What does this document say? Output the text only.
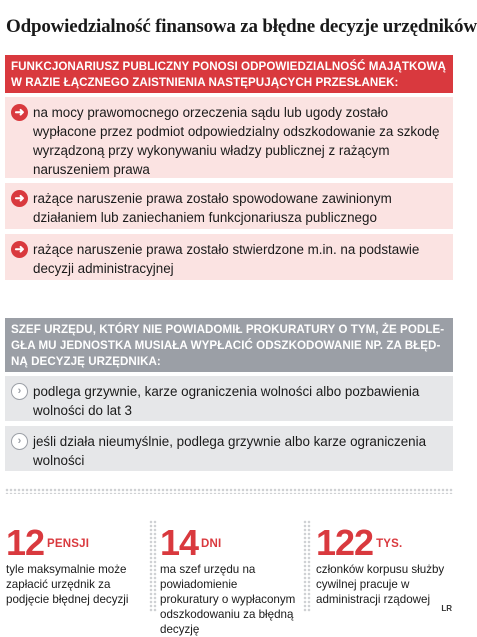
Odpowiedzialność finansowa za błędne decyzje urzędników
FUNKCJONARIUSZ PUBLICZNY PONOSI ODPOWIEDZIALNOŚĆ MAJĄTKOWĄ
W RAZIE ŁĄCZNEGO ZAISTNIENIA NASTĘPUJĄCYCH PRZESŁANEK:
➜ na mocy prawomocnego orzeczenia sądu lub ugody zostało wypłacone przez podmiot odpowiedzialny odszkodowanie za szkodę wyrządzoną przy wykonywaniu władzy publicznej z rażącym naruszeniem prawa
➜ rażące naruszenie prawa zostało spowodowane zawinionym działaniem lub zaniechaniem funkcjonariusza publicznego
➜ rażące naruszenie prawa zostało stwierdzone m.in. na podstawie decyzji administracyjnej
SZEF URZĘDU, KTÓRY NIE POWIADOMIŁ PROKURATURY O TYM, ŻE PODLE-
GŁA MU JEDNOSTKA MUSIAŁA WYPŁACIĆ ODSZKODOWANIE NP. ZA BŁĘD-
NĄ DECYZJĘ URZĘDNIKA:
› podlega grzywnie, karze ograniczenia wolności albo pozbawienia wolności do lat 3
› jeśli działa nieumyślnie, podlega grzywnie albo karze ograniczenia wolności
12 PENSJI
tyle maksymalnie może zapłacić urzędnik za podjęcie błędnej decyzji
14 DNI
ma szef urzędu na powiadomienie prokuratury o wypłaconym odszkodowaniu za błędną decyzję
122 TYS.
członków korpusu służby cywilnej pracuje w administracji rządowej
LR
